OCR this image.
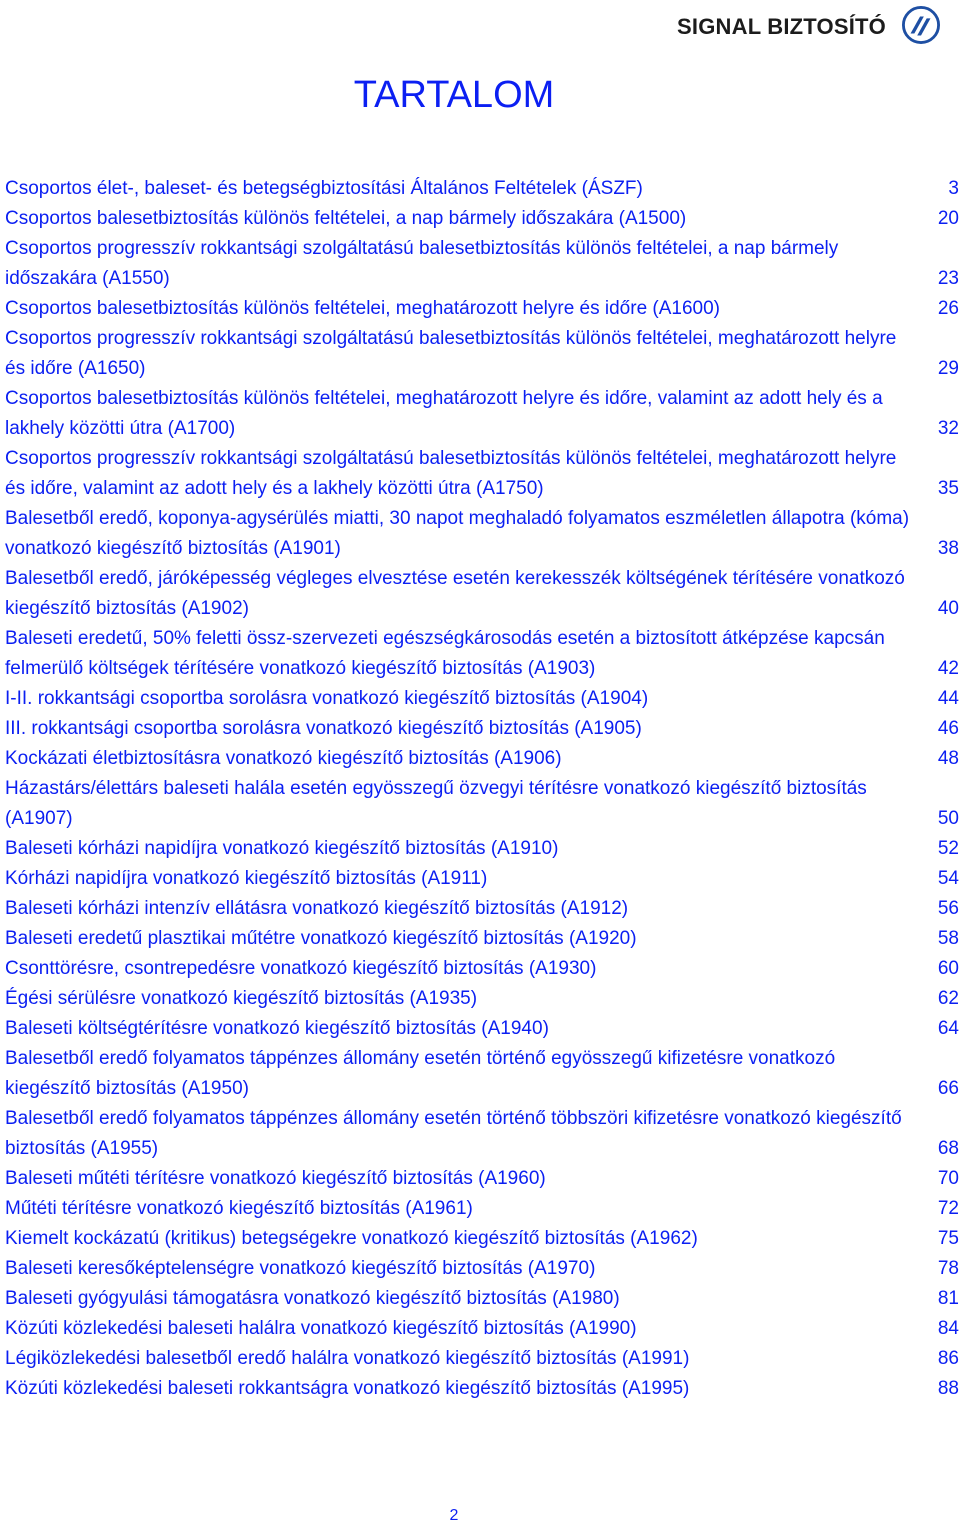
SIGNAL BIZTOSÍTÓ
TARTALOM
Csoportos élet-, baleset- és betegségbiztosítási Általános Feltételek (ÁSZF)	3
Csoportos balesetbiztosítás különös feltételei, a nap bármely időszakára (A1500)	20
Csoportos progresszív rokkantsági szolgáltatású balesetbiztosítás különös feltételei, a nap bármely időszakára (A1550)	23
Csoportos balesetbiztosítás különös feltételei, meghatározott helyre és időre (A1600)	26
Csoportos progresszív rokkantsági szolgáltatású balesetbiztosítás különös feltételei, meghatározott helyre és időre (A1650)	29
Csoportos balesetbiztosítás különös feltételei, meghatározott helyre és időre, valamint az adott hely és a lakhely közötti útra (A1700)	32
Csoportos progresszív rokkantsági szolgáltatású balesetbiztosítás különös feltételei, meghatározott helyre és időre, valamint az adott hely és a lakhely közötti útra (A1750)	35
Balesetből eredő, koponya-agysérülés miatti, 30 napot meghaladó folyamatos eszméletlen állapotra (kóma) vonatkozó kiegészítő biztosítás (A1901)	38
Balesetből eredő, járóképesség végleges elvesztése esetén kerekesszék költségének térítésére vonatkozó kiegészítő biztosítás (A1902)	40
Baleseti eredetű, 50% feletti össz-szervezeti egészségkárosodás esetén a biztosított átképzése kapcsán felmerülő költségek térítésére vonatkozó kiegészítő biztosítás (A1903)	42
I-II. rokkantsági csoportba sorolásra vonatkozó kiegészítő biztosítás (A1904)	44
III. rokkantsági csoportba sorolásra vonatkozó kiegészítő biztosítás (A1905)	46
Kockázati életbiztosításra vonatkozó kiegészítő biztosítás (A1906)	48
Házastárs/élettárs baleseti halála esetén egyösszegű özvegyi térítésre vonatkozó kiegészítő biztosítás (A1907)	50
Baleseti kórházi napidíjra vonatkozó kiegészítő biztosítás (A1910)	52
Kórházi napidíjra vonatkozó kiegészítő biztosítás (A1911)	54
Baleseti kórházi intenzív ellátásra vonatkozó kiegészítő biztosítás (A1912)	56
Baleseti eredetű plasztikai műtétre vonatkozó kiegészítő biztosítás (A1920)	58
Csonttörésre, csontrepedésre vonatkozó kiegészítő biztosítás (A1930)	60
Égési sérülésre vonatkozó kiegészítő biztosítás (A1935)	62
Baleseti költségtérítésre vonatkozó kiegészítő biztosítás (A1940)	64
Balesetből eredő folyamatos táppénzes állomány esetén történő egyösszegű kifizetésre vonatkozó kiegészítő biztosítás (A1950)	66
Balesetből eredő folyamatos táppénzes állomány esetén történő többszöri kifizetésre vonatkozó kiegészítő biztosítás (A1955)	68
Baleseti műtéti térítésre vonatkozó kiegészítő biztosítás (A1960)	70
Műtéti térítésre vonatkozó kiegészítő biztosítás (A1961)	72
Kiemelt kockázatú (kritikus) betegségekre vonatkozó kiegészítő biztosítás (A1962)	75
Baleseti keresőképtelenségre vonatkozó kiegészítő biztosítás (A1970)	78
Baleseti gyógyulási támogatásra vonatkozó kiegészítő biztosítás (A1980)	81
Közúti közlekedési baleseti halálra vonatkozó kiegészítő biztosítás (A1990)	84
Légiközlekedési balesetből eredő halálra vonatkozó kiegészítő biztosítás (A1991)	86
Közúti közlekedési baleseti rokkantságra vonatkozó kiegészítő biztosítás (A1995)	88
2
